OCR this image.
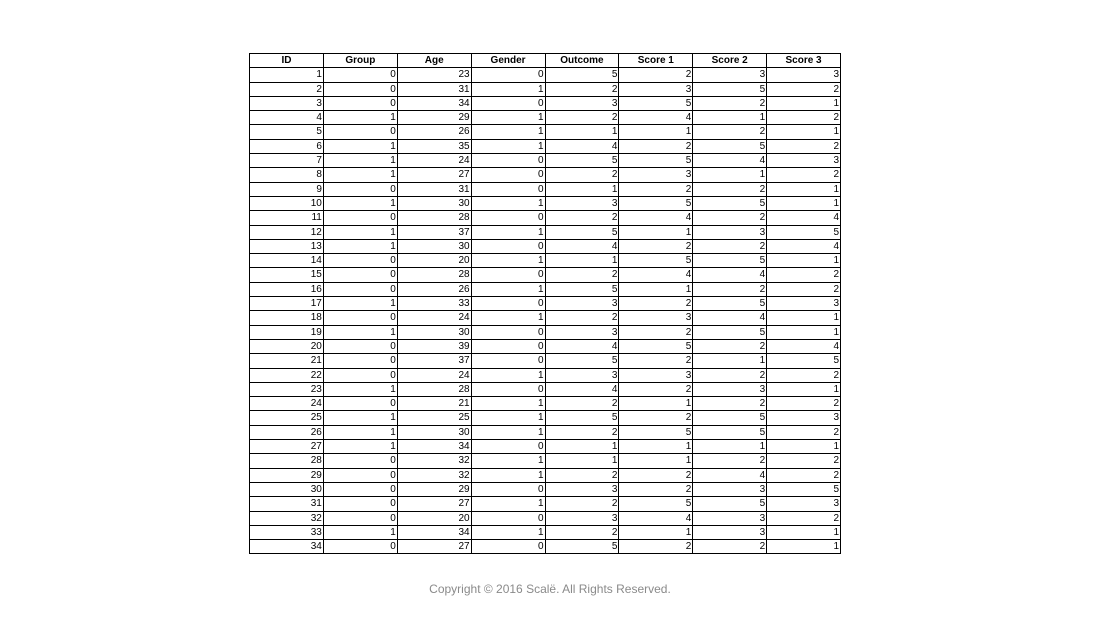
ID	Group	Age	Gender	Outcome	Score 1	Score 2	Score 3
1	0	23	0	5	2	3	3
2	0	31	1	2	3	5	2
3	0	34	0	3	5	2	1
4	1	29	1	2	4	1	2
5	0	26	1	1	1	2	1
6	1	35	1	4	2	5	2
7	1	24	0	5	5	4	3
8	1	27	0	2	3	1	2
9	0	31	0	1	2	2	1
10	1	30	1	3	5	5	1
11	0	28	0	2	4	2	4
12	1	37	1	5	1	3	5
13	1	30	0	4	2	2	4
14	0	20	1	1	5	5	1
15	0	28	0	2	4	4	2
16	0	26	1	5	1	2	2
17	1	33	0	3	2	5	3
18	0	24	1	2	3	4	1
19	1	30	0	3	2	5	1
20	0	39	0	4	5	2	4
21	0	37	0	5	2	1	5
22	0	24	1	3	3	2	2
23	1	28	0	4	2	3	1
24	0	21	1	2	1	2	2
25	1	25	1	5	2	5	3
26	1	30	1	2	5	5	2
27	1	34	0	1	1	1	1
28	0	32	1	1	1	2	2
29	0	32	1	2	2	4	2
30	0	29	0	3	2	3	5
31	0	27	1	2	5	5	3
32	0	20	0	3	4	3	2
33	1	34	1	2	1	3	1
34	0	27	0	5	2	2	1
Copyright © 2016 Scalë. All Rights Reserved.
